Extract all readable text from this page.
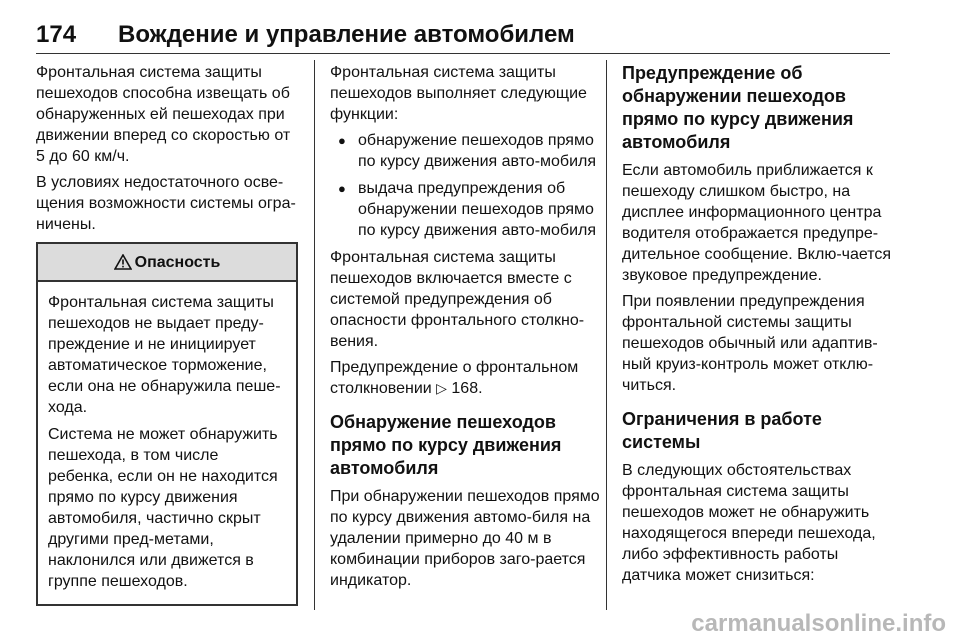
174 Вождение и управление автомобилем

Фронтальная система защиты пешеходов способна извещать об обнаруженных ей пешеходах при движении вперед со скоростью от 5 до 60 км/ч.

В условиях недостаточного осве-щения возможности системы огра-ничены.

Опасность

Фронтальная система защиты пешеходов не выдает преду-преждение и не инициирует автоматическое торможение, если она не обнаружила пеше-хода.

Система не может обнаружить пешехода, в том числе ребенка, если он не находится прямо по курсу движения автомобиля, частично скрыт другими пред-метами, наклонился или движется в группе пешеходов.

Фронтальная система защиты пешеходов выполняет следующие функции:

● обнаружение пешеходов прямо по курсу движения авто-мобиля
● выдача предупреждения об обнаружении пешеходов прямо по курсу движения авто-мобиля

Фронтальная система защиты пешеходов включается вместе с системой предупреждения об опасности фронтального столкно-вения.

Предупреждение о фронтальном столкновении ▷ 168.

Обнаружение пешеходов прямо по курсу движения автомобиля

При обнаружении пешеходов прямо по курсу движения автомо-биля на удалении примерно до 40 м в комбинации приборов заго-рается индикатор.

Предупреждение об обнаружении пешеходов прямо по курсу движения автомобиля

Если автомобиль приближается к пешеходу слишком быстро, на дисплее информационного центра водителя отображается предупре-дительное сообщение. Вклю-чается звуковое предупреждение.

При появлении предупреждения фронтальной системы защиты пешеходов обычный или адаптив-ный круиз-контроль может отклю-читься.

Ограничения в работе системы

В следующих обстоятельствах фронтальная система защиты пешеходов может не обнаружить находящегося впереди пешехода, либо эффективность работы датчика может снизиться:

carmanualsonline.info
